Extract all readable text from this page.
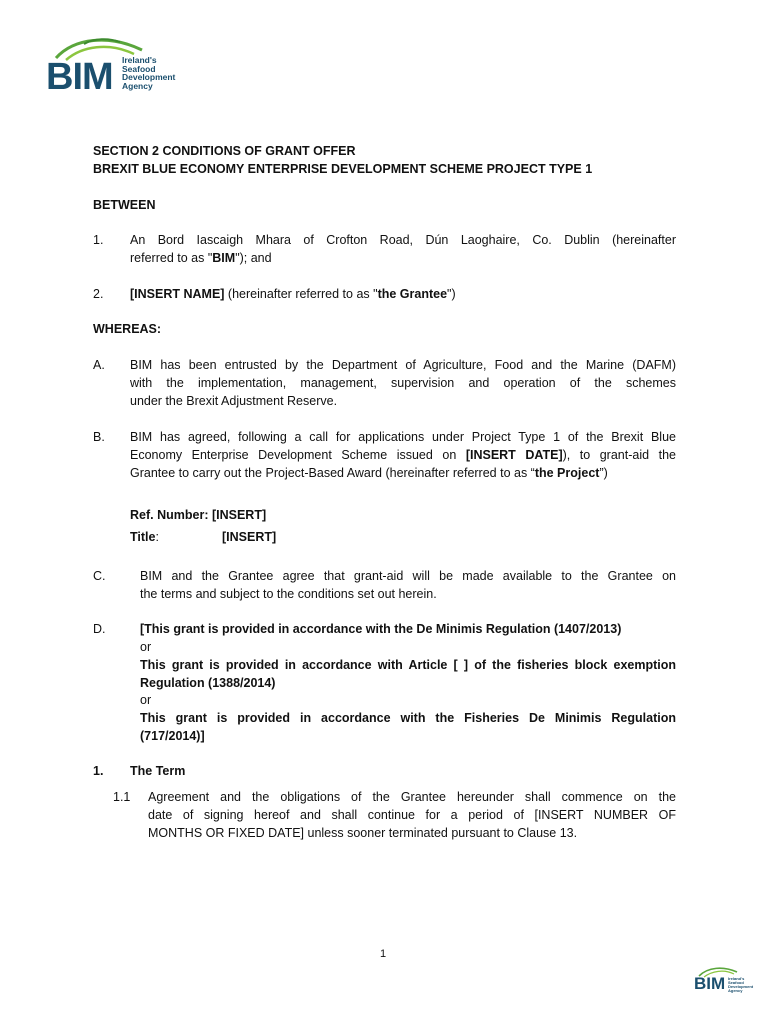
BIM Ireland's
Seafood
Development
Agency
SECTION 2 CONDITIONS OF GRANT OFFER
BREXIT BLUE ECONOMY ENTERPRISE DEVELOPMENT SCHEME PROJECT TYPE 1
BETWEEN
1. An Bord Iascaigh Mhara of Crofton Road, Dún Laoghaire, Co. Dublin (hereinafter
referred to as "BIM"); and
2. [INSERT NAME] (hereinafter referred to as "the Grantee")
WHEREAS:
A. BIM has been entrusted by the Department of Agriculture, Food and the Marine (DAFM)
with the implementation, management, supervision and operation of the schemes
under the Brexit Adjustment Reserve.
B. BIM has agreed, following a call for applications under Project Type 1 of the Brexit Blue
Economy Enterprise Development Scheme issued on [INSERT DATE]), to grant-aid the
Grantee to carry out the Project-Based Award (hereinafter referred to as “the Project”)
Ref. Number: [INSERT]
Title:	[INSERT]
C.	BIM and the Grantee agree that grant-aid will be made available to the Grantee on
the terms and subject to the conditions set out herein.
D.	[This grant is provided in accordance with the De Minimis Regulation (1407/2013)
or
This grant is provided in accordance with Article [ ] of the fisheries block exemption
Regulation (1388/2014)
or
This grant is provided in accordance with the Fisheries De Minimis Regulation
(717/2014)]
1. The Term
1.1 Agreement and the obligations of the Grantee hereunder shall commence on the
date of signing hereof and shall continue for a period of [INSERT NUMBER OF
MONTHS OR FIXED DATE] unless sooner terminated pursuant to Clause 13.
1
BIM Ireland's
Seafood
Development
Agency
